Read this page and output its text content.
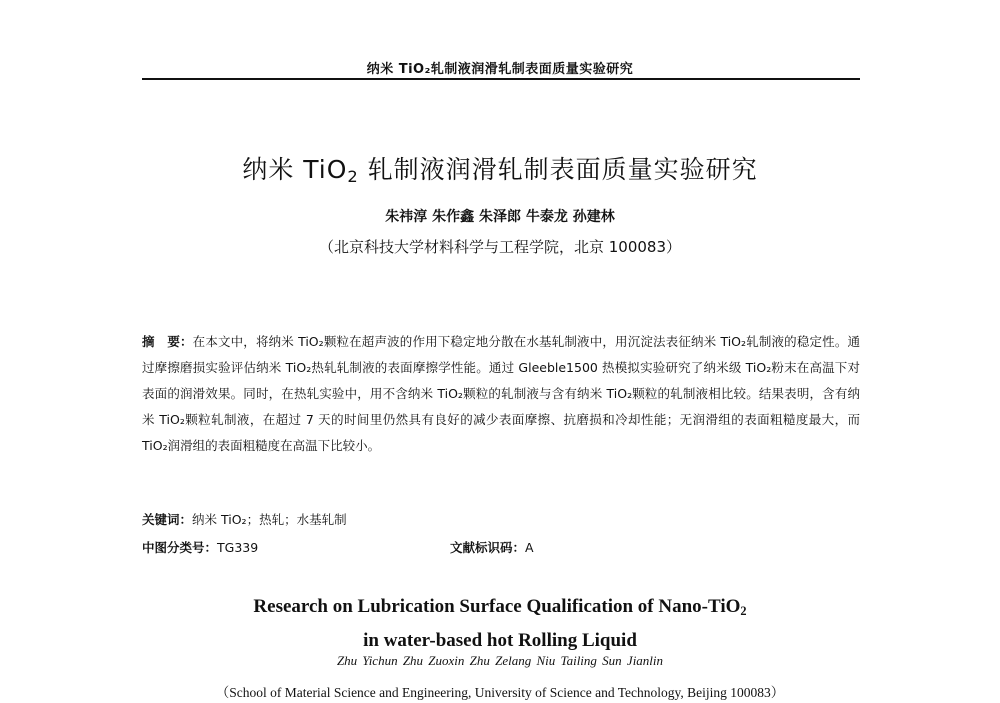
纳米 TiO₂轧制液润滑轧制表面质量实验研究
纳米 TiO$_2$ 轧制液润滑轧制表面质量实验研究
朱祎淳 朱作鑫 朱泽郎 牛泰龙 孙建林
（北京科技大学材料科学与工程学院，北京 100083）
摘　要：在本文中，将纳米 TiO₂颗粒在超声波的作用下稳定地分散在水基轧制液中，用沉淀法表征纳米 TiO₂轧制液的稳定性。通过摩擦磨损实验评估纳米 TiO₂热轧轧制液的表面摩擦学性能。通过 Gleeble1500 热模拟实验研究了纳米级 TiO₂粉末在高温下对表面的润滑效果。同时，在热轧实验中，用不含纳米 TiO₂颗粒的轧制液与含有纳米 TiO₂颗粒的轧制液相比较。结果表明，含有纳米 TiO₂颗粒轧制液，在超过 7 天的时间里仍然具有良好的减少表面摩擦、抗磨损和冷却性能；无润滑组的表面粗糙度最大，而 TiO₂润滑组的表面粗糙度在高温下比较小。
关键词：纳米 TiO₂；热轧；水基轧制
中图分类号：TG339	文献标识码：A
Research on Lubrication Surface Qualification of Nano-TiO$_2$
in water-based hot Rolling Liquid
Zhu Yichun Zhu Zuoxin Zhu Zelang Niu Tailing Sun Jianlin
（School of Material Science and Engineering, University of Science and Technology, Beijing 100083）
